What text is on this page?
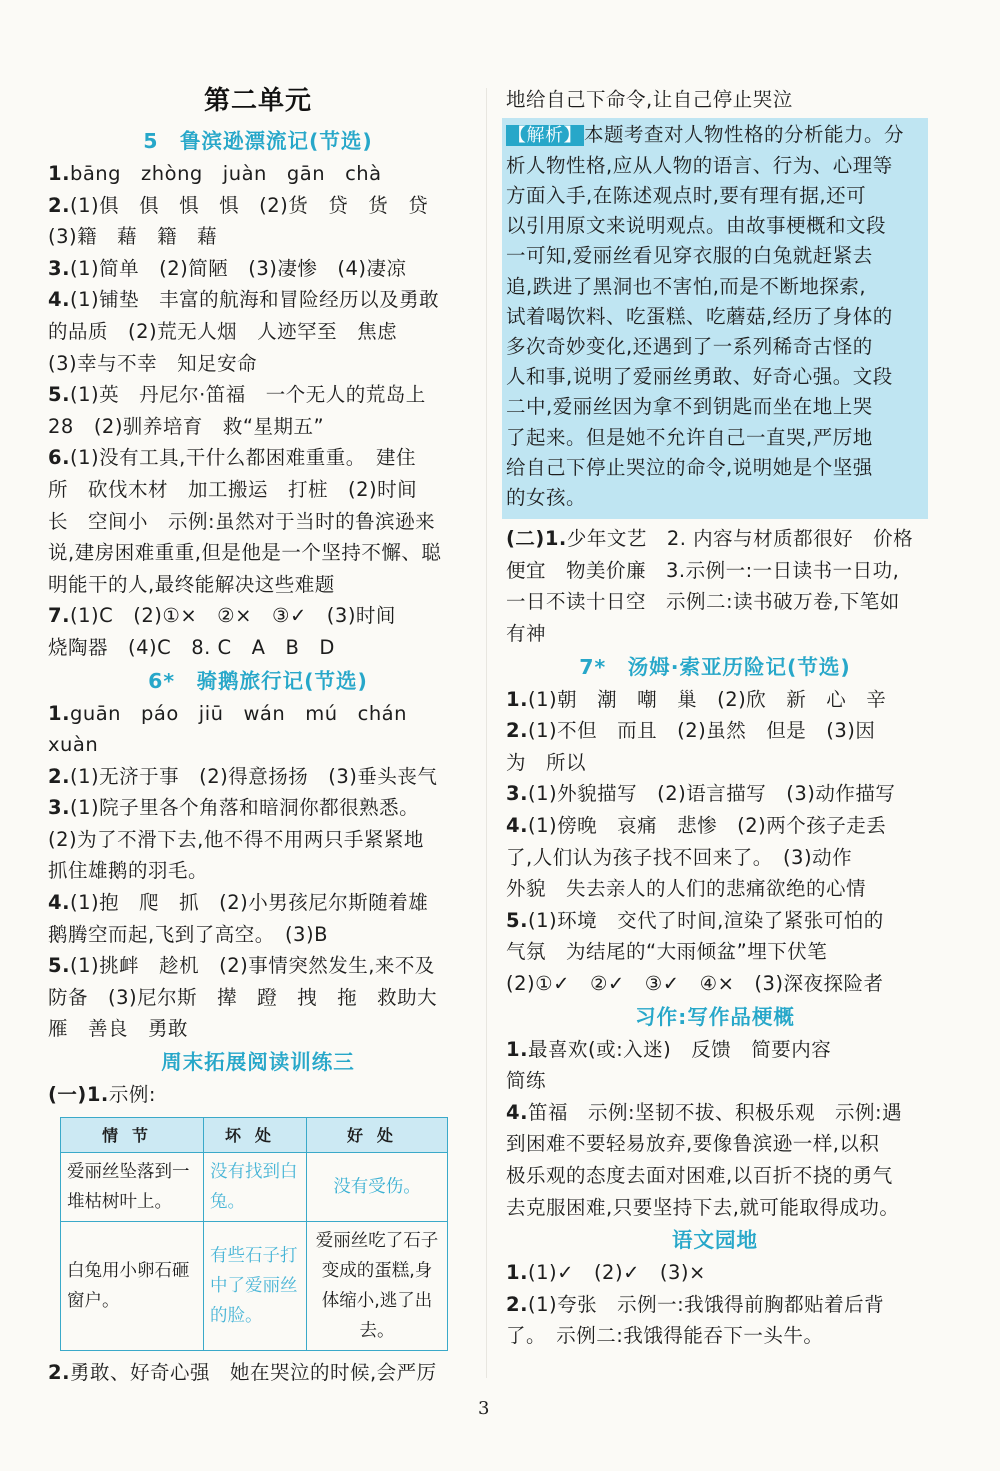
第二单元
5　鲁滨逊漂流记(节选)
1.bāng　zhòng　juàn　gān　chà
2.(1)俱　俱　惧　惧　(2)货　贷　货　贷
(3)籍　藉　籍　藉
3.(1)简单　(2)简陋　(3)凄惨　(4)凄凉
4.(1)铺垫　丰富的航海和冒险经历以及勇敢
的品质　(2)荒无人烟　人迹罕至　焦虑
(3)幸与不幸　知足安命
5.(1)英　丹尼尔·笛福　一个无人的荒岛上
28　(2)驯养培育　救“星期五”
6.(1)没有工具,干什么都困难重重。　建住
所　砍伐木材　加工搬运　打桩　(2)时间
长　空间小　示例:虽然对于当时的鲁滨逊来
说,建房困难重重,但是他是一个坚持不懈、聪
明能干的人,最终能解决这些难题
7.(1)C　(2)①×　②×　③✓　(3)时间
烧陶器　(4)C　8. C　A　B　D
6*　骑鹅旅行记(节选)
1.guān　páo　jiū　wán　mú　chán
xuàn
2.(1)无济于事　(2)得意扬扬　(3)垂头丧气
3.(1)院子里各个角落和暗洞你都很熟悉。
(2)为了不滑下去,他不得不用两只手紧紧地
抓住雄鹅的羽毛。
4.(1)抱　爬　抓　(2)小男孩尼尔斯随着雄
鹅腾空而起,飞到了高空。　(3)B
5.(1)挑衅　趁机　(2)事情突然发生,来不及
防备　(3)尼尔斯　撵　蹬　拽　拖　救助大
雁　善良　勇敢
周末拓展阅读训练三
(一)1.示例:
情节	坏处	好处
爱丽丝坠落到一堆枯树叶上。	没有找到白兔。	没有受伤。
白兔用小卵石砸窗户。	有些石子打中了爱丽丝的脸。	爱丽丝吃了石子变成的蛋糕,身体缩小,逃了出去。
2.勇敢、好奇心强　她在哭泣的时候,会严厉
地给自己下命令,让自己停止哭泣
【解析】 本题考查对人物性格的分析能力。分
析人物性格,应从人物的语言、行为、心理等
方面入手,在陈述观点时,要有理有据,还可
以引用原文来说明观点。由故事梗概和文段
一可知,爱丽丝看见穿衣服的白兔就赶紧去
追,跌进了黑洞也不害怕,而是不断地探索,
试着喝饮料、吃蛋糕、吃蘑菇,经历了身体的
多次奇妙变化,还遇到了一系列稀奇古怪的
人和事,说明了爱丽丝勇敢、好奇心强。文段
二中,爱丽丝因为拿不到钥匙而坐在地上哭
了起来。但是她不允许自己一直哭,严厉地
给自己下停止哭泣的命令,说明她是个坚强
的女孩。
(二)1.少年文艺　2. 内容与材质都很好　价格
便宜　物美价廉　3.示例一:一日读书一日功,
一日不读十日空　示例二:读书破万卷,下笔如
有神
7*　汤姆·索亚历险记(节选)
1.(1)朝　潮　嘲　巢　(2)欣　新　心　辛
2.(1)不但　而且　(2)虽然　但是　(3)因
为　所以
3.(1)外貌描写　(2)语言描写　(3)动作描写
4.(1)傍晚　哀痛　悲惨　(2)两个孩子走丢
了,人们认为孩子找不回来了。　(3)动作
外貌　失去亲人的人们的悲痛欲绝的心情
5.(1)环境　交代了时间,渲染了紧张可怕的
气氛　为结尾的“大雨倾盆”埋下伏笔
(2)①✓　②✓　③✓　④×　(3)深夜探险者
习作:写作品梗概
1.最喜欢(或:入迷)　反馈　简要内容
简练
4.笛福　示例:坚韧不拔、积极乐观　示例:遇
到困难不要轻易放弃,要像鲁滨逊一样,以积
极乐观的态度去面对困难,以百折不挠的勇气
去克服困难,只要坚持下去,就可能取得成功。
语文园地
1.(1)✓　(2)✓　(3)×
2.(1)夸张　示例一:我饿得前胸都贴着后背
了。　示例二:我饿得能吞下一头牛。
3
